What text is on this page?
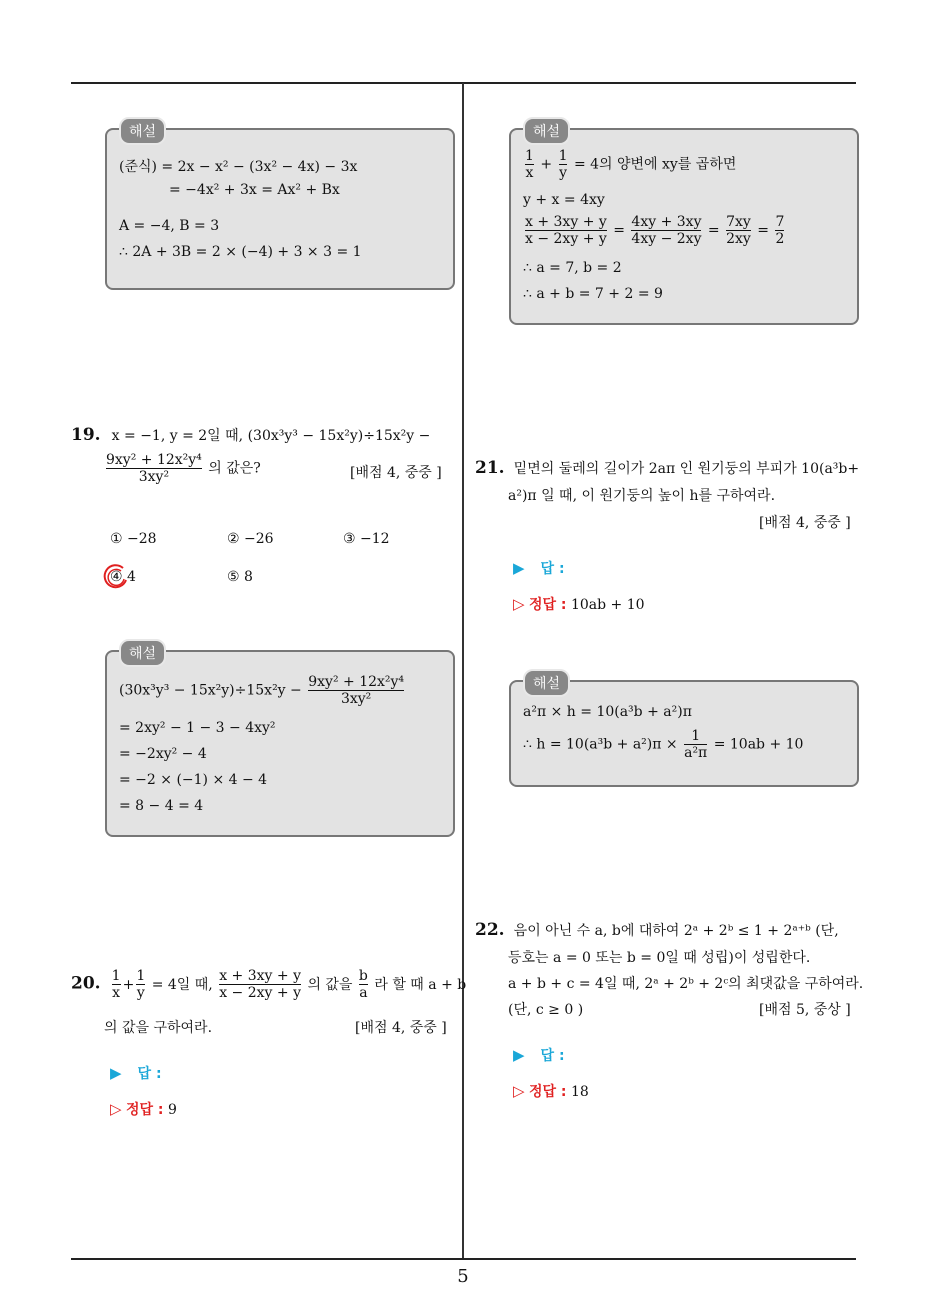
해설
(준식) = 2x − x² − (3x² − 4x) − 3x
= −4x² + 3x = Ax² + Bx
A = −4, B = 3
∴ 2A + 3B = 2 × (−4) + 3 × 3 = 1
해설
$\frac{1}{x} + \frac{1}{y} = 4$의 양변에 xy를 곱하면
y + x = 4xy
$\frac{x + 3xy + y}{x - 2xy + y} = \frac{4xy + 3xy}{4xy - 2xy} = \frac{7xy}{2xy} = \frac{7}{2}$
∴ a = 7, b = 2
∴ a + b = 7 + 2 = 9
19. x = −1, y = 2일 때, (30x³y³ − 15x²y)÷15x²y −
$\frac{\text{9xy² + 12x²y⁴}}{\text{3xy²}}$ 의 값은?	[배점 4, 중중 ]
① −28	② −26	③ −12
④ 4	⑤ 8
해설
$(30x^3y^3 - 15x^2y)\div 15x^2y - \frac{\text{9xy² + 12x²y⁴}}{\text{3xy²}}$
= 2xy² − 1 − 3 − 4xy²
= −2xy² − 4
= −2 × (−1) × 4 − 4
= 8 − 4 = 4
20. $\frac{1}{x} + \frac{1}{y} = 4$일 때, $\frac{x + 3xy + y}{x - 2xy + y}$ 의 값을 $\frac{b}{a}$ 라 할 때 a + b
의 값을 구하여라.	[배점 4, 중중 ]
▶ 답 :
▷ 정답 : 9
21. 밑면의 둘레의 길이가 2aπ 인 원기둥의 부피가 10(a³b+
a²)π 일 때, 이 원기둥의 높이 h를 구하여라.
[배점 4, 중중 ]
▶ 답 :
▷ 정답 : 10ab + 10
해설
a²π × h = 10(a³b + a²)π
∴ $h = 10(a^3b + a^2)\pi \times \frac{1}{\text{a²π}} = 10ab + 10$
22. 음이 아닌 수 a, b에 대하여 2ᵃ + 2ᵇ ≤ 1 + 2ᵃ⁺ᵇ (단,
등호는 a = 0 또는 b = 0일 때 성립)이 성립한다.
a + b + c = 4일 때, 2ᵃ + 2ᵇ + 2ᶜ의 최댓값을 구하여라.
(단, c ≥ 0 )	[배점 5, 중상 ]
▶ 답 :
▷ 정답 : 18
5
